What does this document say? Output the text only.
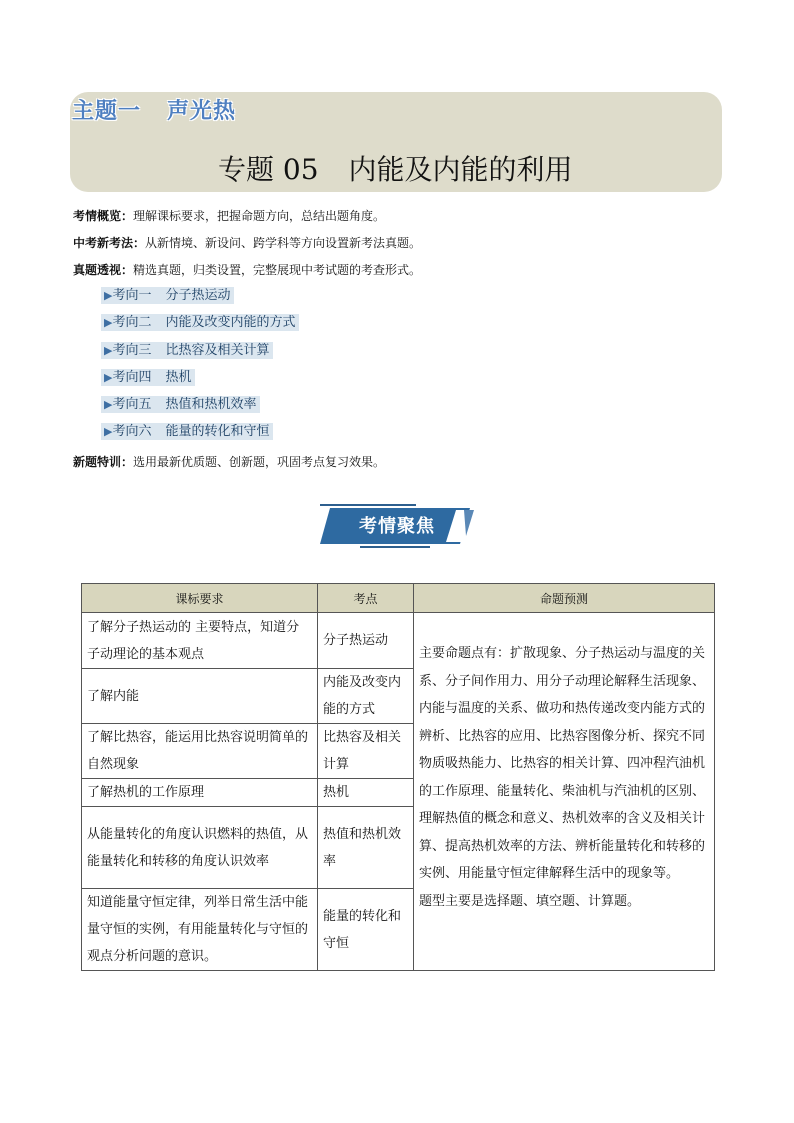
主题一 声光热
专题 05 内能及内能的利用
考情概览：理解课标要求，把握命题方向，总结出题角度。
中考新考法：从新情境、新设问、跨学科等方向设置新考法真题。
真题透视：精选真题，归类设置，完整展现中考试题的考查形式。
▶考向一 分子热运动
▶考向二 内能及改变内能的方式
▶考向三 比热容及相关计算
▶考向四 热机
▶考向五 热值和热机效率
▶考向六 能量的转化和守恒
新题特训：选用最新优质题、创新题，巩固考点复习效果。
考情聚焦
课标要求	考点	命题预测
了解分子热运动的 主要特点，知道分子动理论的基本观点	分子热运动	主要命题点有：扩散现象、分子热运动与温度的关系、分子间作用力、用分子动理论解释生活现象、内能与温度的关系、做功和热传递改变内能方式的辨析、比热容的应用、比热容图像分析、探究不同物质吸热能力、比热容的相关计算、四冲程汽油机的工作原理、能量转化、柴油机与汽油机的区别、理解热值的概念和意义、热机效率的含义及相关计算、提高热机效率的方法、辨析能量转化和转移的实例、用能量守恒定律解释生活中的现象等。
题型主要是选择题、填空题、计算题。

了解内能	内能及改变内能的方式	
了解比热容，能运用比热容说明简单的自然现象	比热容及相关计算	
了解热机的工作原理	热机	
从能量转化的角度认识燃料的热值，从能量转化和转移的角度认识效率	热值和热机效率	
知道能量守恒定律，列举日常生活中能量守恒的实例，有用能量转化与守恒的观点分析问题的意识。	能量的转化和守恒	
